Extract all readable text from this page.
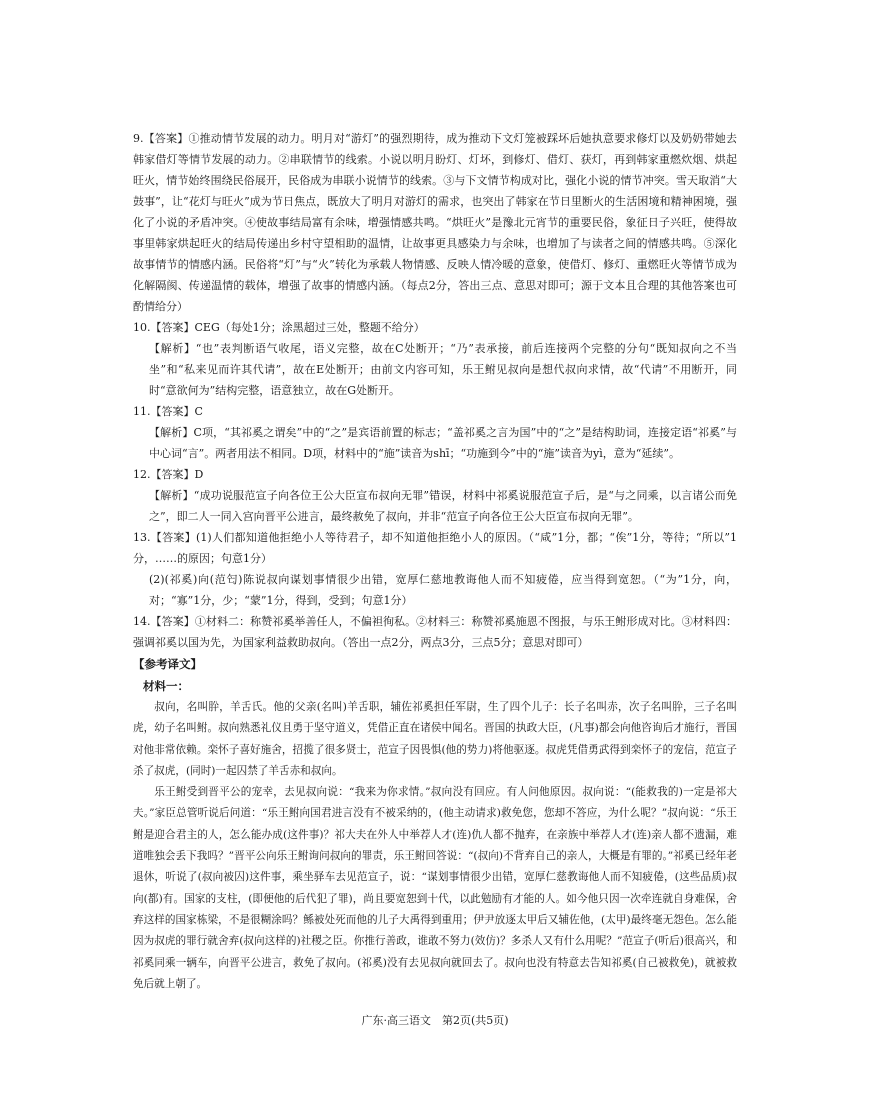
9.【答案】①推动情节发展的动力。明月对“游灯”的强烈期待，成为推动下文灯笼被踩坏后她执意要求修灯以及奶奶带她去韩家借灯等情节发展的动力。②串联情节的线索。小说以明月盼灯、灯坏，到修灯、借灯、获灯，再到韩家重燃炊烟、烘起旺火，情节始终围绕民俗展开，民俗成为串联小说情节的线索。③与下文情节构成对比，强化小说的情节冲突。雪天取消“大鼓事”，让“花灯与旺火”成为节日焦点，既放大了明月对游灯的需求，也突出了韩家在节日里断火的生活困境和精神困境，强化了小说的矛盾冲突。④使故事结局富有余味，增强情感共鸣。“烘旺火”是豫北元宵节的重要民俗，象征日子兴旺，使得故事里韩家烘起旺火的结局传递出乡村守望相助的温情，让故事更具感染力与余味，也增加了与读者之间的情感共鸣。⑤深化故事情节的情感内涵。民俗将“灯”与“火”转化为承载人物情感、反映人情冷暖的意象，使借灯、修灯、重燃旺火等情节成为化解隔阂、传递温情的载体，增强了故事的情感内涵。（每点2分，答出三点、意思对即可；源于文本且合理的其他答案也可酌情给分）

10.【答案】CEG（每处1分；涂黑超过三处，整题不给分）

【解析】“也”表判断语气收尾，语义完整，故在C处断开；“乃”表承接，前后连接两个完整的分句“既知叔向之不当坐”和“私来见而许其代请”，故在E处断开；由前文内容可知，乐王鲋见叔向是想代叔向求情，故“代请”不用断开，同时“意欲何为”结构完整，语意独立，故在G处断开。

11.【答案】C

【解析】C项，“其祁奚之谓矣”中的“之”是宾语前置的标志；“盖祁奚之言为国”中的“之”是结构助词，连接定语“祁奚”与中心词“言”。两者用法不相同。D项，材料中的“施”读音为shī；“功施到今”中的“施”读音为yì，意为“延续”。

12.【答案】D

【解析】“成功说服范宣子向各位王公大臣宣布叔向无罪”错误，材料中祁奚说服范宣子后，是“与之同乘，以言诸公而免之”，即二人一同入宫向晋平公进言，最终赦免了叔向，并非“范宣子向各位王公大臣宣布叔向无罪”。

13.【答案】(1)人们都知道他拒绝小人等待君子，却不知道他拒绝小人的原因。（“咸”1分，都；“俟”1分，等待；“所以”1分，……的原因；句意1分）

(2)(祁奚)向(范匄)陈说叔向谋划事情很少出错，宽厚仁慈地教诲他人而不知疲倦，应当得到宽恕。（“为”1分，向，对；“寡”1分，少；“蒙”1分，得到，受到；句意1分）

14.【答案】①材料二：称赞祁奚举善任人，不偏袒徇私。②材料三：称赞祁奚施恩不图报，与乐王鲋形成对比。③材料四：强调祁奚以国为先，为国家利益救助叔向。（答出一点2分，两点3分，三点5分；意思对即可）

【参考译文】
材料一：

叔向，名叫肸，羊舌氏。他的父亲(名叫)羊舌职，辅佐祁奚担任军尉，生了四个儿子：长子名叫赤，次子名叫肸，三子名叫虎，幼子名叫鲋。叔向熟悉礼仪且勇于坚守道义，凭借正直在诸侯中闻名。晋国的执政大臣，(凡事)都会向他咨询后才施行，晋国对他非常依赖。栾怀子喜好施舍，招揽了很多贤士，范宣子因畏惧(他的势力)将他驱逐。叔虎凭借勇武得到栾怀子的宠信，范宣子杀了叔虎，(同时)一起囚禁了羊舌赤和叔向。

乐王鲋受到晋平公的宠幸，去见叔向说：“我来为你求情。”叔向没有回应。有人问他原因。叔向说：“(能救我的)一定是祁大夫。”家臣总管听说后问道：“乐王鲋向国君进言没有不被采纳的，(他主动请求)救免您，您却不答应，为什么呢？”叔向说：“乐王鲋是迎合君主的人，怎么能办成(这件事)？祁大夫在外人中举荐人才(连)仇人都不抛弃，在亲族中举荐人才(连)亲人都不遗漏，难道唯独会丢下我吗？”晋平公向乐王鲋询问叔向的罪责，乐王鲋回答说：“(叔向)不背弃自己的亲人，大概是有罪的。”祁奚已经年老退休，听说了(叔向被囚)这件事，乘坐驿车去见范宣子，说：“谋划事情很少出错，宽厚仁慈教诲他人而不知疲倦，(这些品质)叔向(都)有。国家的支柱，(即便他的后代犯了罪)，尚且要宽恕到十代，以此勉励有才能的人。如今他只因一次牵连就自身难保，舍弃这样的国家栋梁，不是很糊涂吗？鲧被处死而他的儿子大禹得到重用；伊尹放逐太甲后又辅佐他，(太甲)最终毫无怨色。怎么能因为叔虎的罪行就舍弃(叔向这样的)社稷之臣。你推行善政，谁敢不努力(效仿)？多杀人又有什么用呢？”范宣子(听后)很高兴，和祁奚同乘一辆车，向晋平公进言，救免了叔向。(祁奚)没有去见叔向就回去了。叔向也没有特意去告知祁奚(自己被救免)，就被救免后就上朝了。

广东·高三语文　第2页(共5页)
